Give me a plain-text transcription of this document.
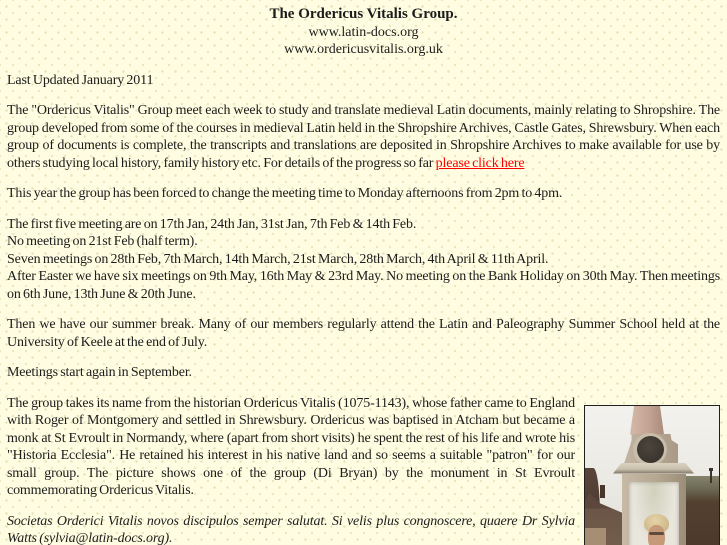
The Ordericus Vitalis Group.
www.latin-docs.org
www.ordericusvitalis.org.uk

Last Updated January 2011

The "Ordericus Vitalis" Group meet each week to study and translate medieval Latin documents, mainly relating to Shropshire. The group developed from some of the courses in medieval Latin held in the Shropshire Archives, Castle Gates, Shrewsbury. When each group of documents is complete, the transcripts and translations are deposited in Shropshire Archives to make available for use by others studying local history, family history etc. For details of the progress so far please click here

This year the group has been forced to change the meeting time to Monday afternoons from 2pm to 4pm.

The first five meeting are on 17th Jan, 24th Jan, 31st Jan, 7th Feb & 14th Feb.
No meeting on 21st Feb (half term).
Seven meetings on 28th Feb, 7th March, 14th March, 21st March, 28th March, 4th April & 11th April.
After Easter we have six meetings on 9th May, 16th May & 23rd May. No meeting on the Bank Holiday on 30th May. Then meetings on 6th June, 13th June & 20th June.

Then we have our summer break. Many of our members regularly attend the Latin and Paleography Summer School held at the University of Keele at the end of July.

Meetings start again in September.

The group takes its name from the historian Ordericus Vitalis (1075-1143), whose father came to England with Roger of Montgomery and settled in Shrewsbury. Ordericus was baptised in Atcham but became a monk at St Evroult in Normandy, where (apart from short visits) he spent the rest of his life and wrote his "Historia Ecclesia". He retained his interest in his native land and so seems a suitable "patron" for our small group. The picture shows one of the group (Di Bryan) by the monument in St Evroult commemorating Ordericus Vitalis.

Societas Orderici Vitalis novos discipulos semper salutat. Si velis plus congnoscere, quaere Dr Sylvia Watts (sylvia@latin-docs.org).
